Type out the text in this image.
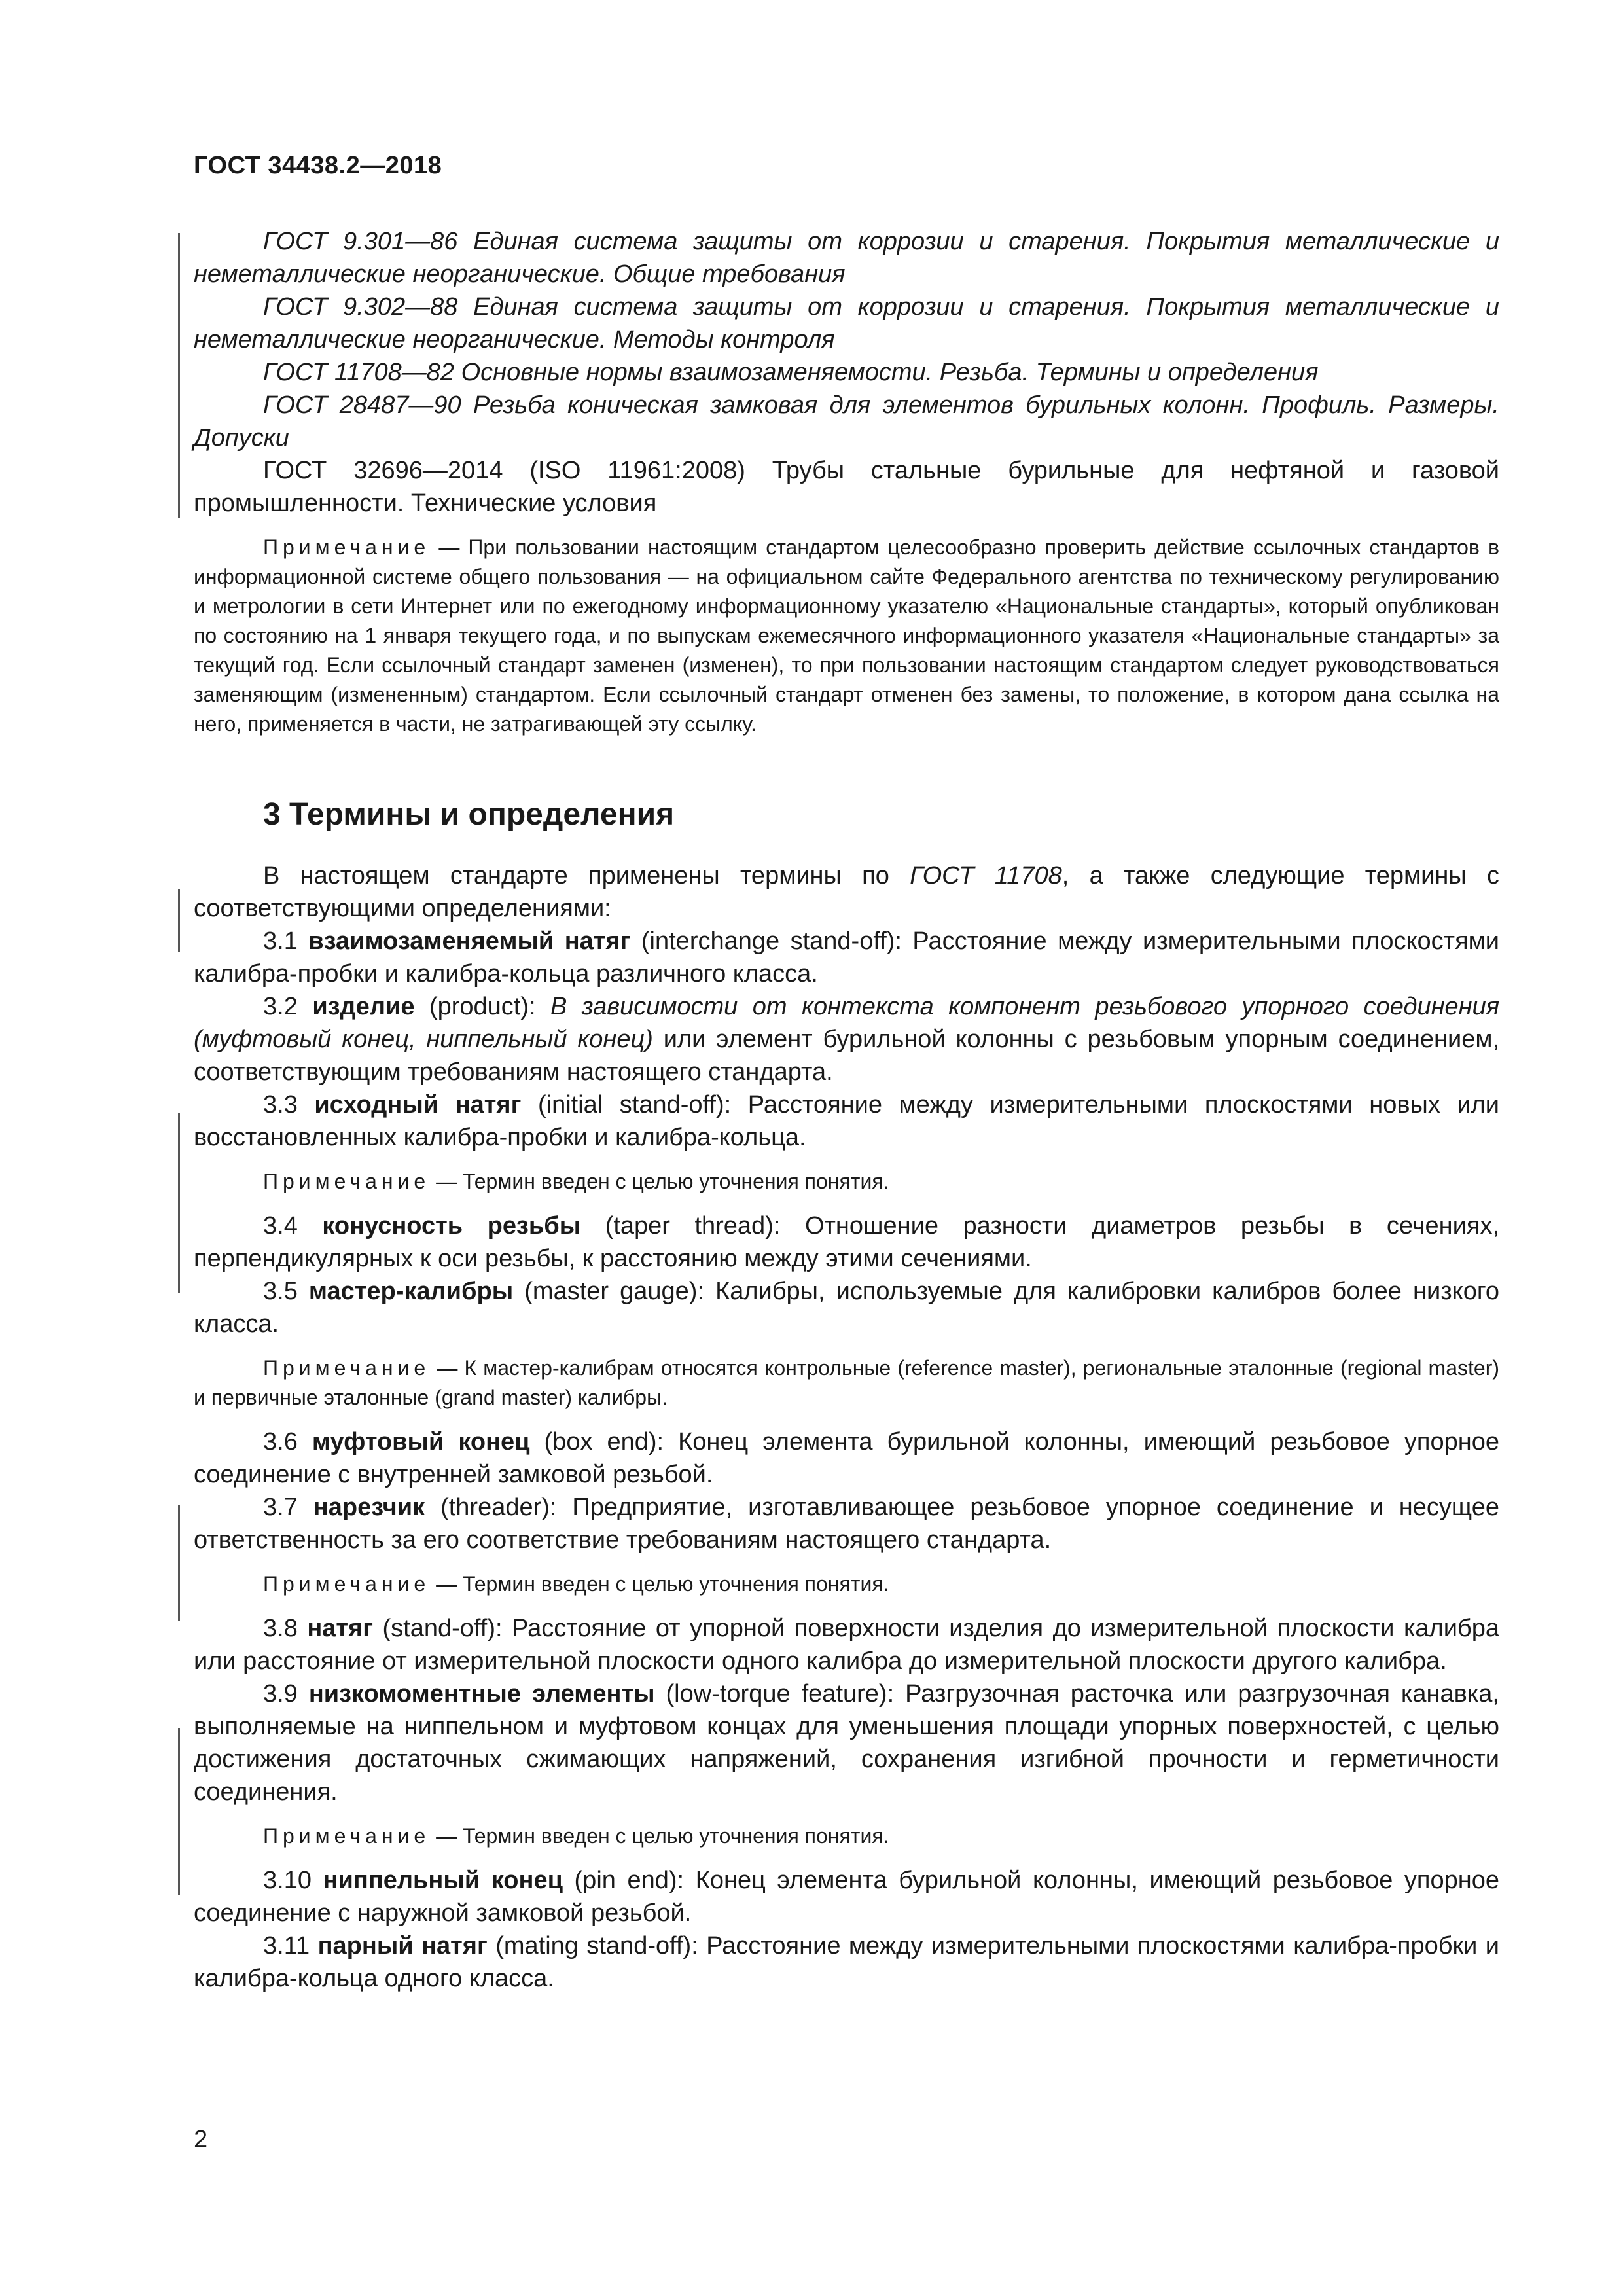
ГОСТ 34438.2—2018

ГОСТ 9.301—86 Единая система защиты от коррозии и старения. Покрытия металлические и неметаллические неорганические. Общие требования

ГОСТ 9.302—88 Единая система защиты от коррозии и старения. Покрытия металлические и неметаллические неорганические. Методы контроля

ГОСТ 11708—82 Основные нормы взаимозаменяемости. Резьба. Термины и определения

ГОСТ 28487—90 Резьба коническая замковая для элементов бурильных колонн. Профиль. Размеры. Допуски

ГОСТ 32696—2014 (ISO 11961:2008) Трубы стальные бурильные для нефтяной и газовой промышленности. Технические условия

Примечание — При пользовании настоящим стандартом целесообразно проверить действие ссылочных стандартов в информационной системе общего пользования — на официальном сайте Федерального агентства по техническому регулированию и метрологии в сети Интернет или по ежегодному информационному указателю «Национальные стандарты», который опубликован по состоянию на 1 января текущего года, и по выпускам ежемесячного информационного указателя «Национальные стандарты» за текущий год. Если ссылочный стандарт заменен (изменен), то при пользовании настоящим стандартом следует руководствоваться заменяющим (измененным) стандартом. Если ссылочный стандарт отменен без замены, то положение, в котором дана ссылка на него, применяется в части, не затрагивающей эту ссылку.

3 Термины и определения

В настоящем стандарте применены термины по ГОСТ 11708, а также следующие термины с соответствующими определениями:

3.1 взаимозаменяемый натяг (interchange stand-off): Расстояние между измерительными плоскостями калибра-пробки и калибра-кольца различного класса.

3.2 изделие (product): В зависимости от контекста компонент резьбового упорного соединения (муфтовый конец, ниппельный конец) или элемент бурильной колонны с резьбовым упорным соединением, соответствующим требованиям настоящего стандарта.

3.3 исходный натяг (initial stand-off): Расстояние между измерительными плоскостями новых или восстановленных калибра-пробки и калибра-кольца.

Примечание — Термин введен с целью уточнения понятия.

3.4 конусность резьбы (taper thread): Отношение разности диаметров резьбы в сечениях, перпендикулярных к оси резьбы, к расстоянию между этими сечениями.

3.5 мастер-калибры (master gauge): Калибры, используемые для калибровки калибров более низкого класса.

Примечание — К мастер-калибрам относятся контрольные (reference master), региональные эталонные (regional master) и первичные эталонные (grand master) калибры.

3.6 муфтовый конец (box end): Конец элемента бурильной колонны, имеющий резьбовое упорное соединение с внутренней замковой резьбой.

3.7 нарезчик (threader): Предприятие, изготавливающее резьбовое упорное соединение и несущее ответственность за его соответствие требованиям настоящего стандарта.

Примечание — Термин введен с целью уточнения понятия.

3.8 натяг (stand-off): Расстояние от упорной поверхности изделия до измерительной плоскости калибра или расстояние от измерительной плоскости одного калибра до измерительной плоскости другого калибра.

3.9 низкомоментные элементы (low-torque feature): Разгрузочная расточка или разгрузочная канавка, выполняемые на ниппельном и муфтовом концах для уменьшения площади упорных поверхностей, с целью достижения достаточных сжимающих напряжений, сохранения изгибной прочности и герметичности соединения.

Примечание — Термин введен с целью уточнения понятия.

3.10 ниппельный конец (pin end): Конец элемента бурильной колонны, имеющий резьбовое упорное соединение с наружной замковой резьбой.

3.11 парный натяг (mating stand-off): Расстояние между измерительными плоскостями калибра-пробки и калибра-кольца одного класса.

2
